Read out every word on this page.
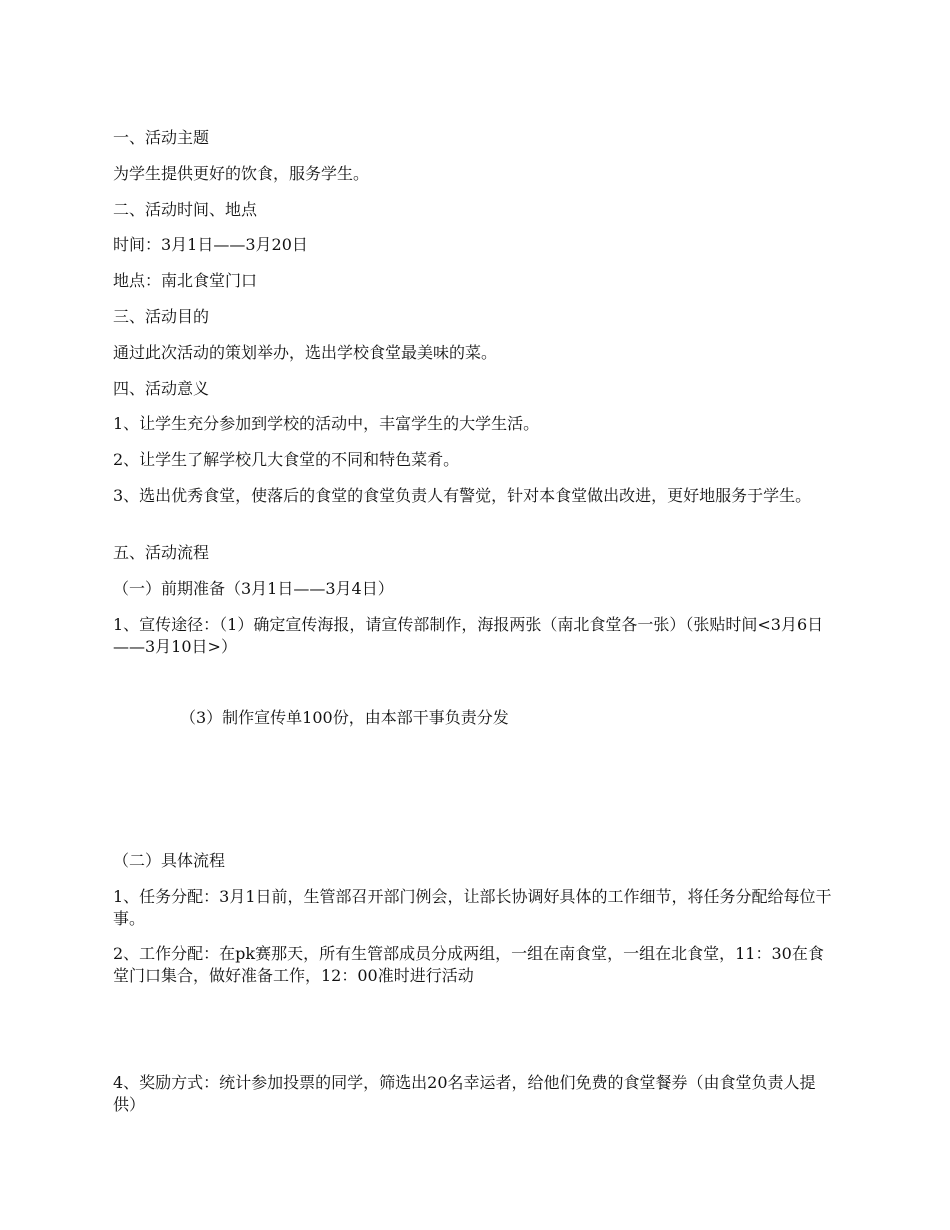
一、活动主题

为学生提供更好的饮食，服务学生。

二、活动时间、地点

时间：3月1日——3月20日

地点：南北食堂门口

三、活动目的

通过此次活动的策划举办，选出学校食堂最美味的菜。

四、活动意义

1、让学生充分参加到学校的活动中，丰富学生的大学生活。

2、让学生了解学校几大食堂的不同和特色菜肴。

3、选出优秀食堂，使落后的食堂的食堂负责人有警觉，针对本食堂做出改进，更好地服务于学生。

五、活动流程

（一）前期准备（3月1日——3月4日）

1、宣传途径：（1）确定宣传海报，请宣传部制作，海报两张（南北食堂各一张）（张贴时间<3月6日——3月10日>）

（3）制作宣传单100份，由本部干事负责分发

（二）具体流程

1、任务分配：3月1日前，生管部召开部门例会，让部长协调好具体的工作细节，将任务分配给每位干事。

2、工作分配：在pk赛那天，所有生管部成员分成两组，一组在南食堂，一组在北食堂，11：30在食堂门口集合，做好准备工作，12：00准时进行活动

4、奖励方式：统计参加投票的同学，筛选出20名幸运者，给他们免费的食堂餐券（由食堂负责人提供）
